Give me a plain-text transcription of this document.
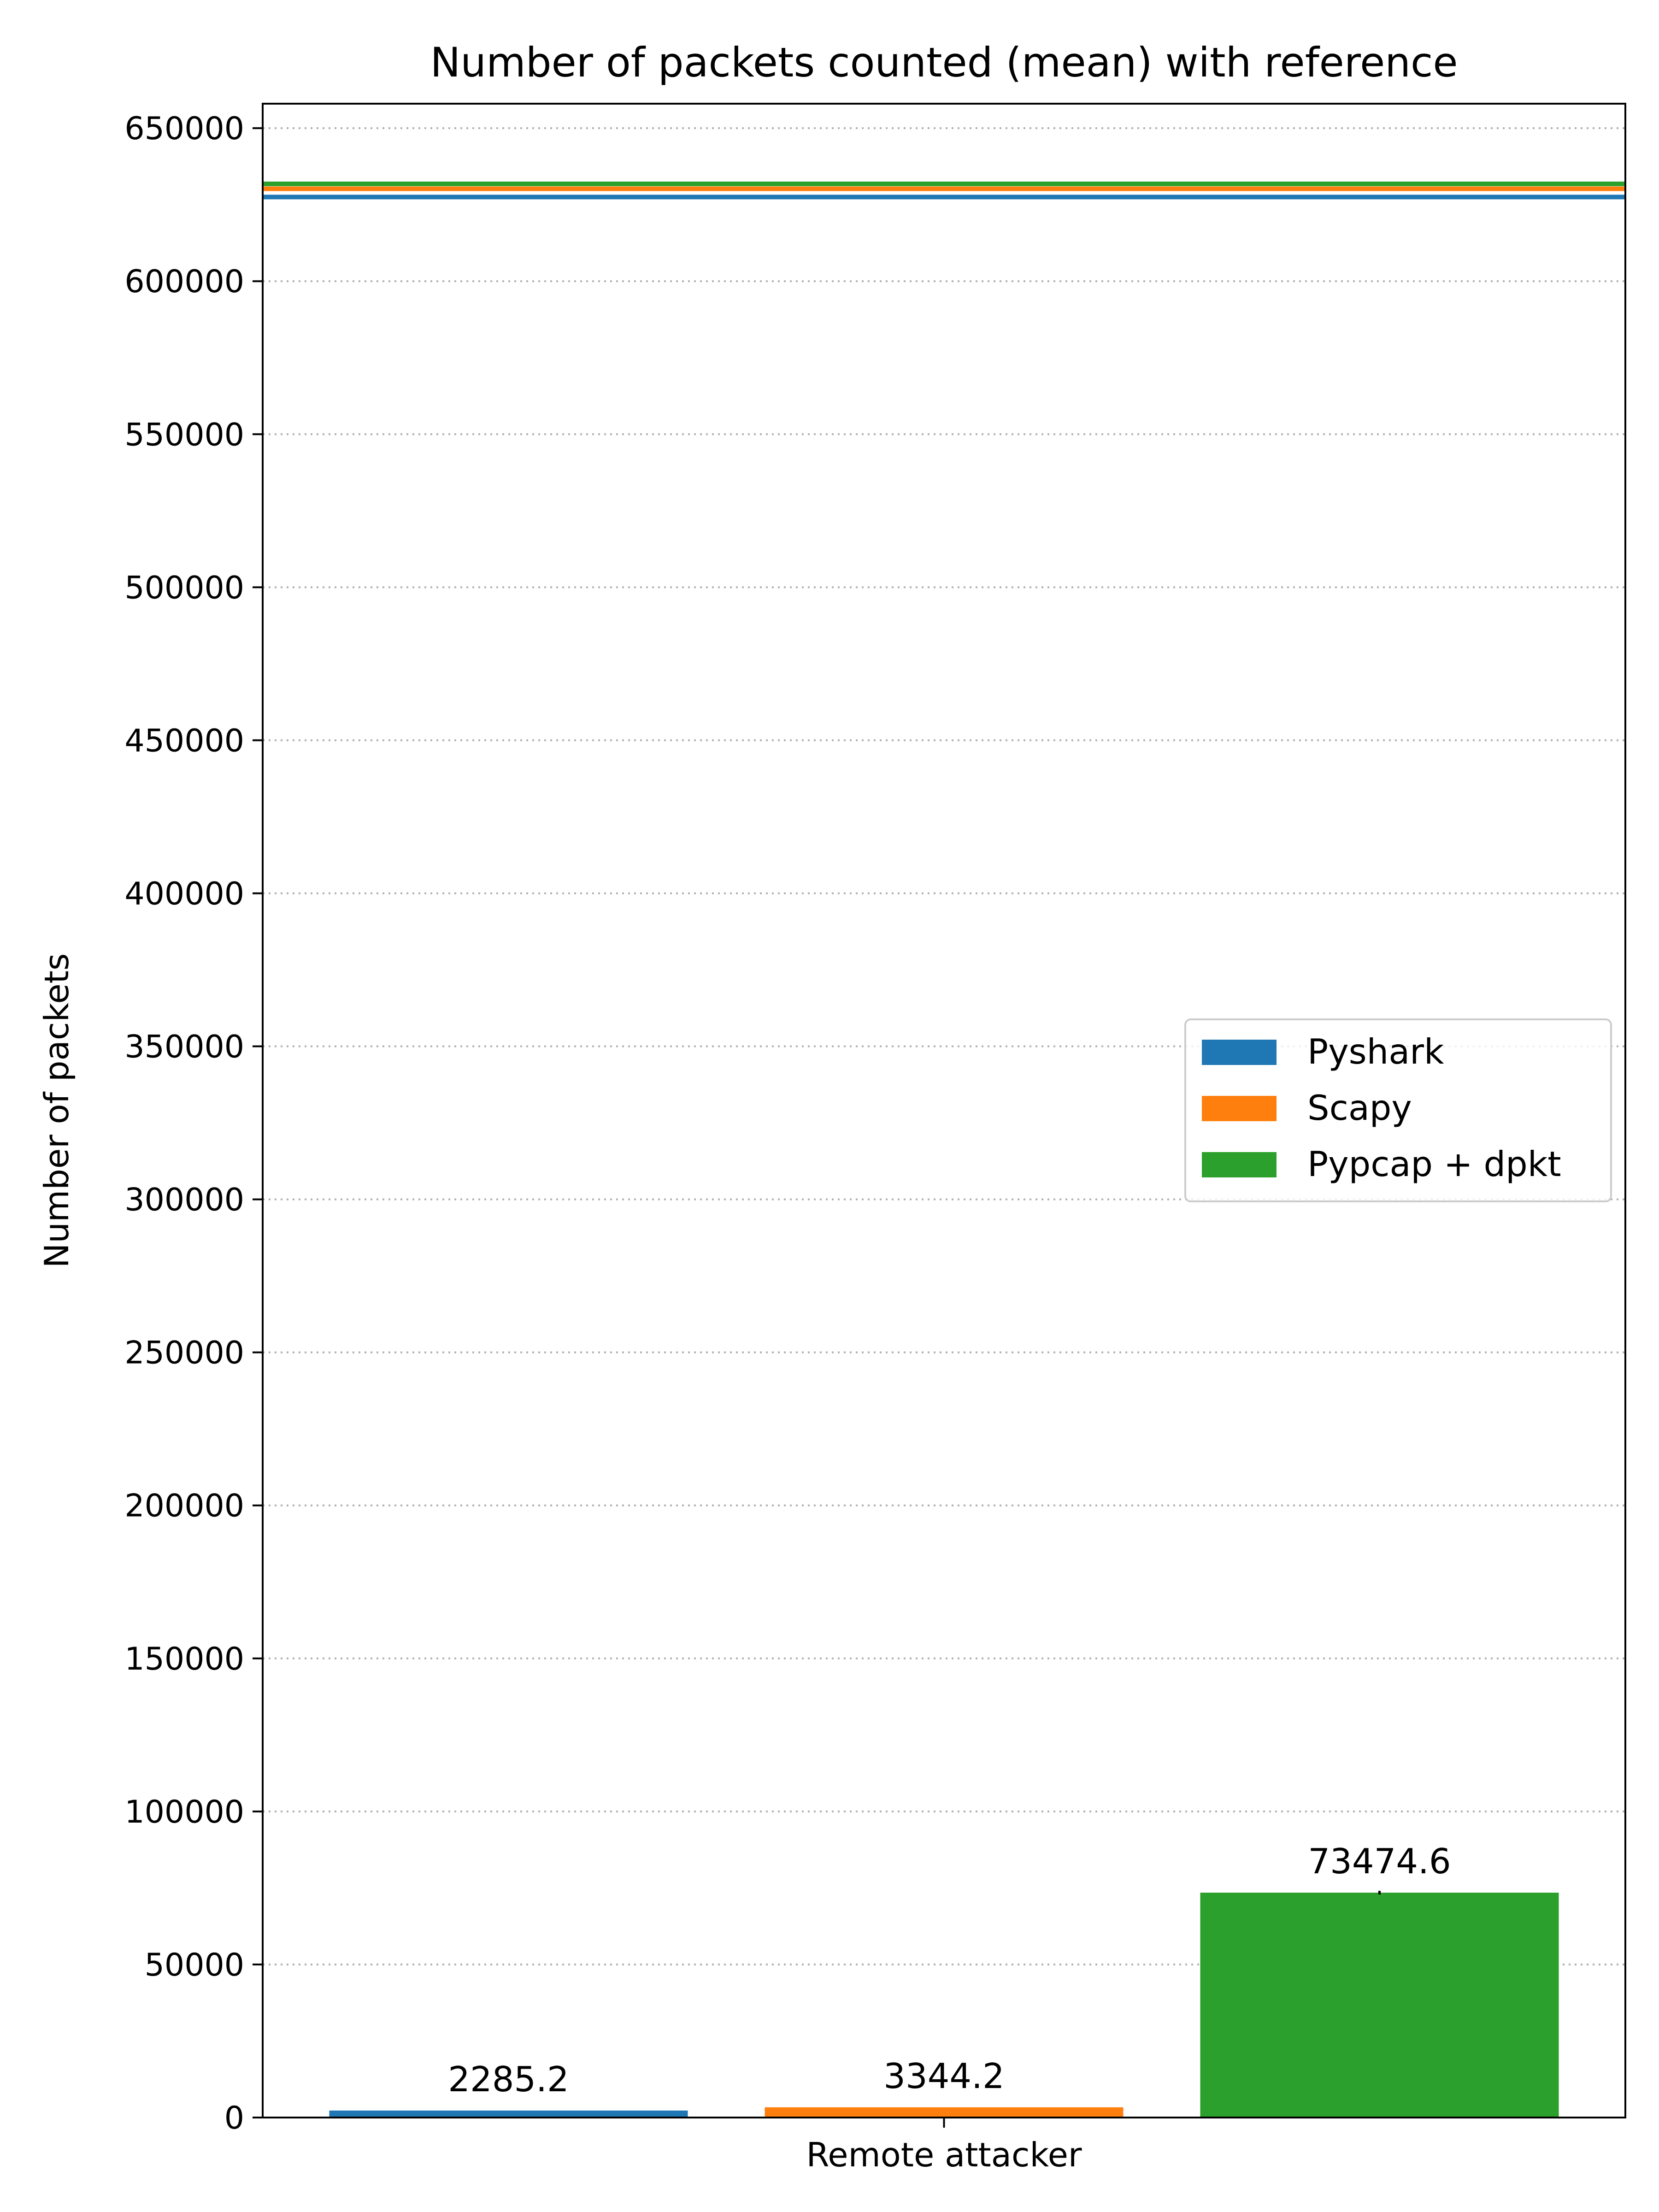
2285.2	3344.2
73474.6
0
50000
100000
150000
200000
250000
300000
350000
400000
450000
500000
550000
600000
650000
Remote attacker
Number of packets
Number of packets counted (mean) with reference
Pyshark
Scapy
Pypcap + dpkt
